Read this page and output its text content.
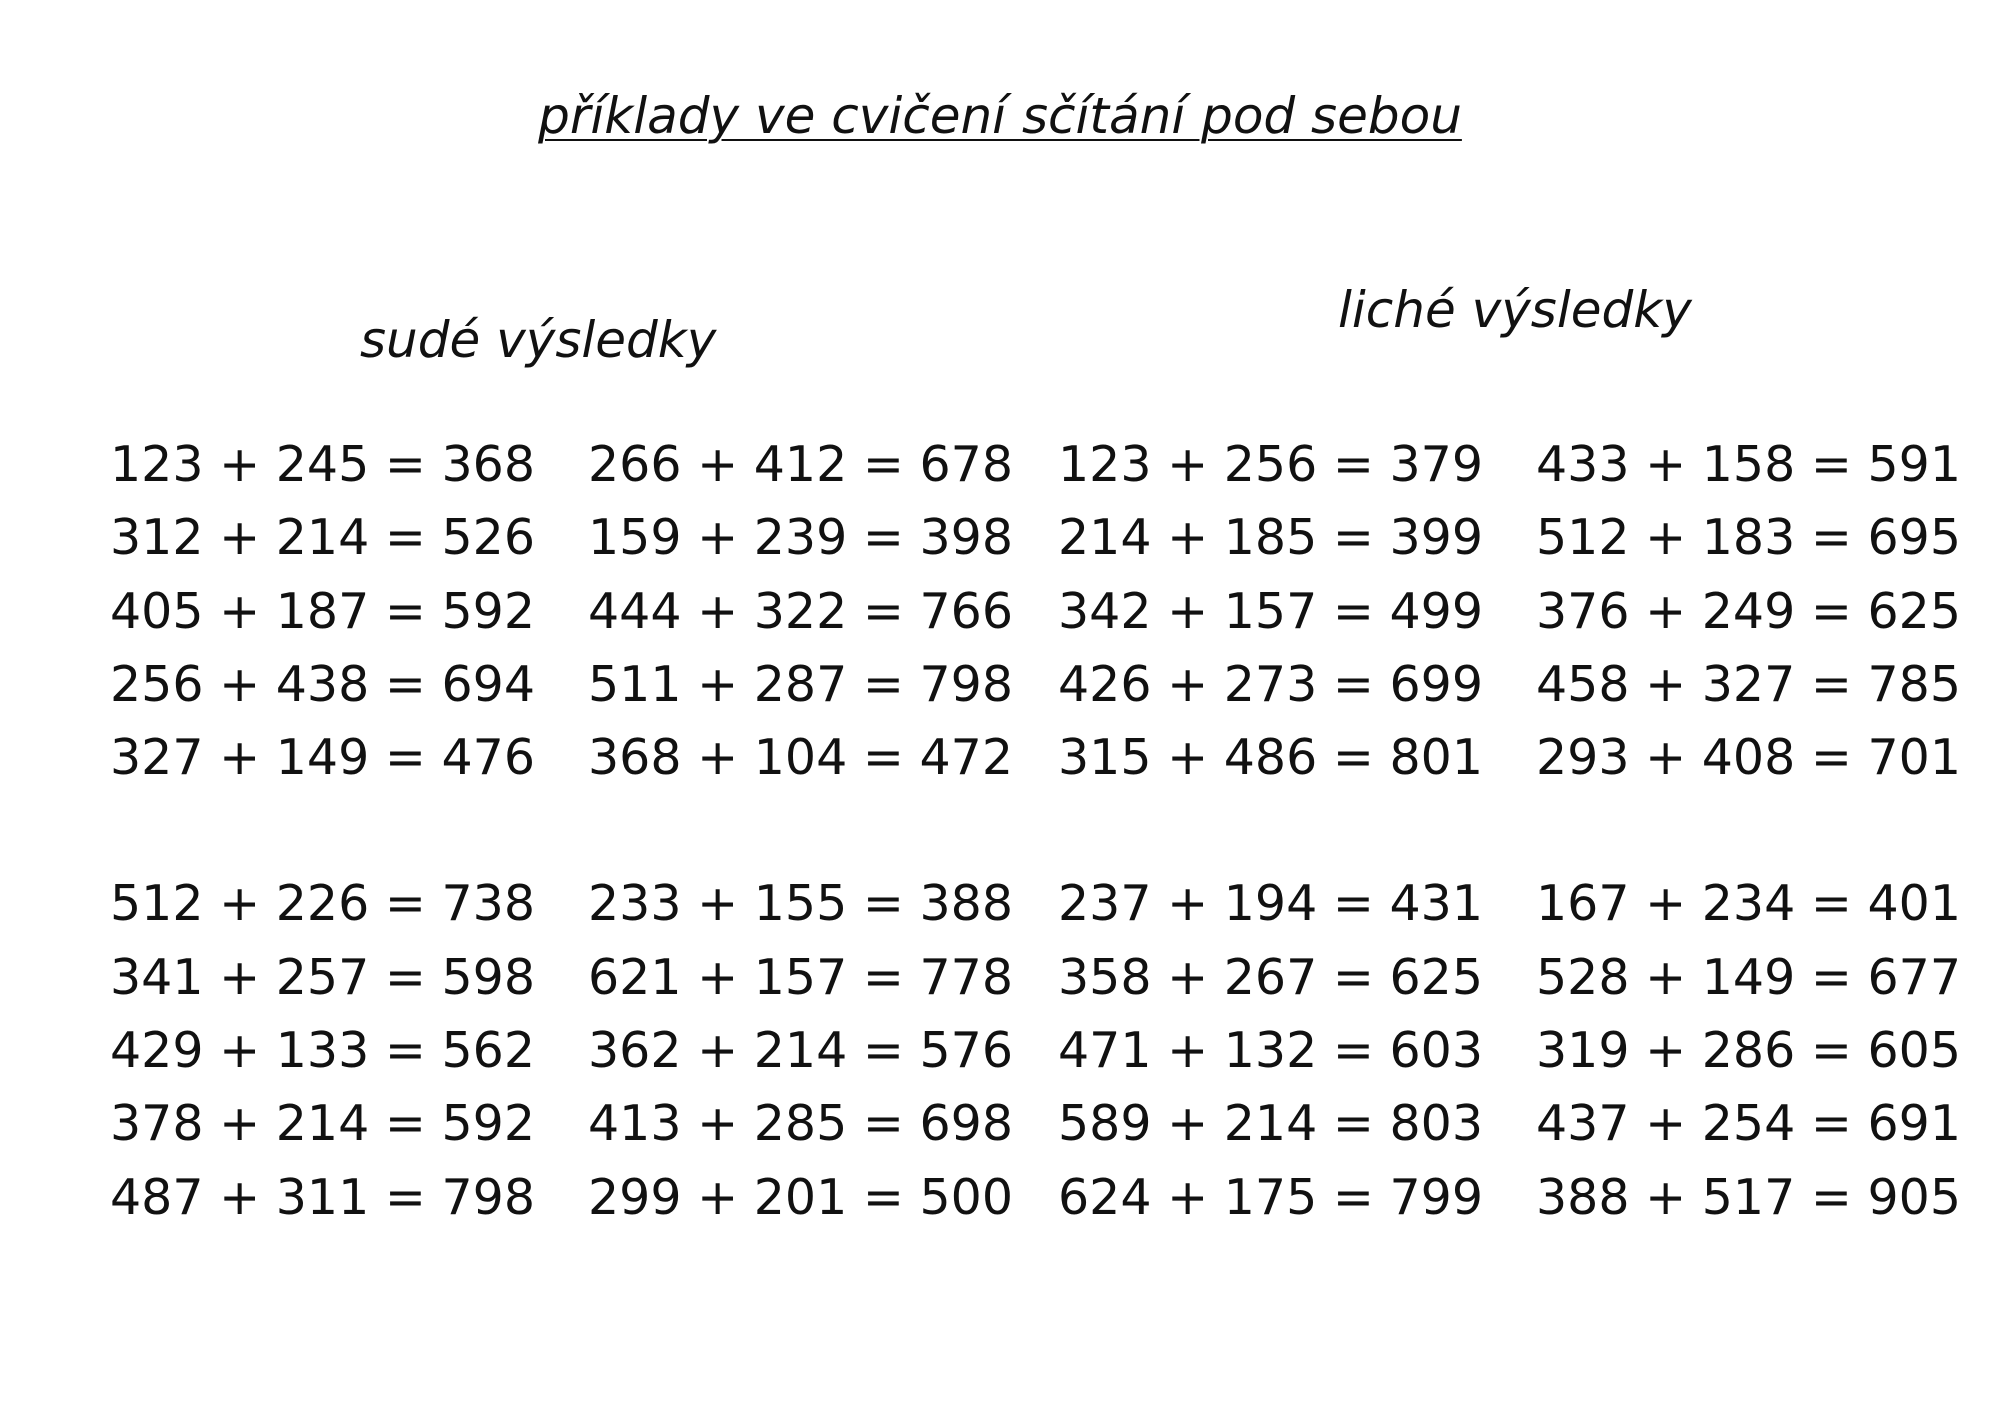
příklady ve cvičení sčítání pod sebou
sudé výsledky
liché výsledky
123 + 245 = 368
312 + 214 = 526
405 + 187 = 592
256 + 438 = 694
327 + 149 = 476
512 + 226 = 738
341 + 257 = 598
429 + 133 = 562
378 + 214 = 592
487 + 311 = 798
266 + 412 = 678
159 + 239 = 398
444 + 322 = 766
511 + 287 = 798
368 + 104 = 472
233 + 155 = 388
621 + 157 = 778
362 + 214 = 576
413 + 285 = 698
299 + 201 = 500
123 + 256 = 379
214 + 185 = 399
342 + 157 = 499
426 + 273 = 699
315 + 486 = 801
237 + 194 = 431
358 + 267 = 625
471 + 132 = 603
589 + 214 = 803
624 + 175 = 799
433 + 158 = 591
512 + 183 = 695
376 + 249 = 625
458 + 327 = 785
293 + 408 = 701
167 + 234 = 401
528 + 149 = 677
319 + 286 = 605
437 + 254 = 691
388 + 517 = 905
